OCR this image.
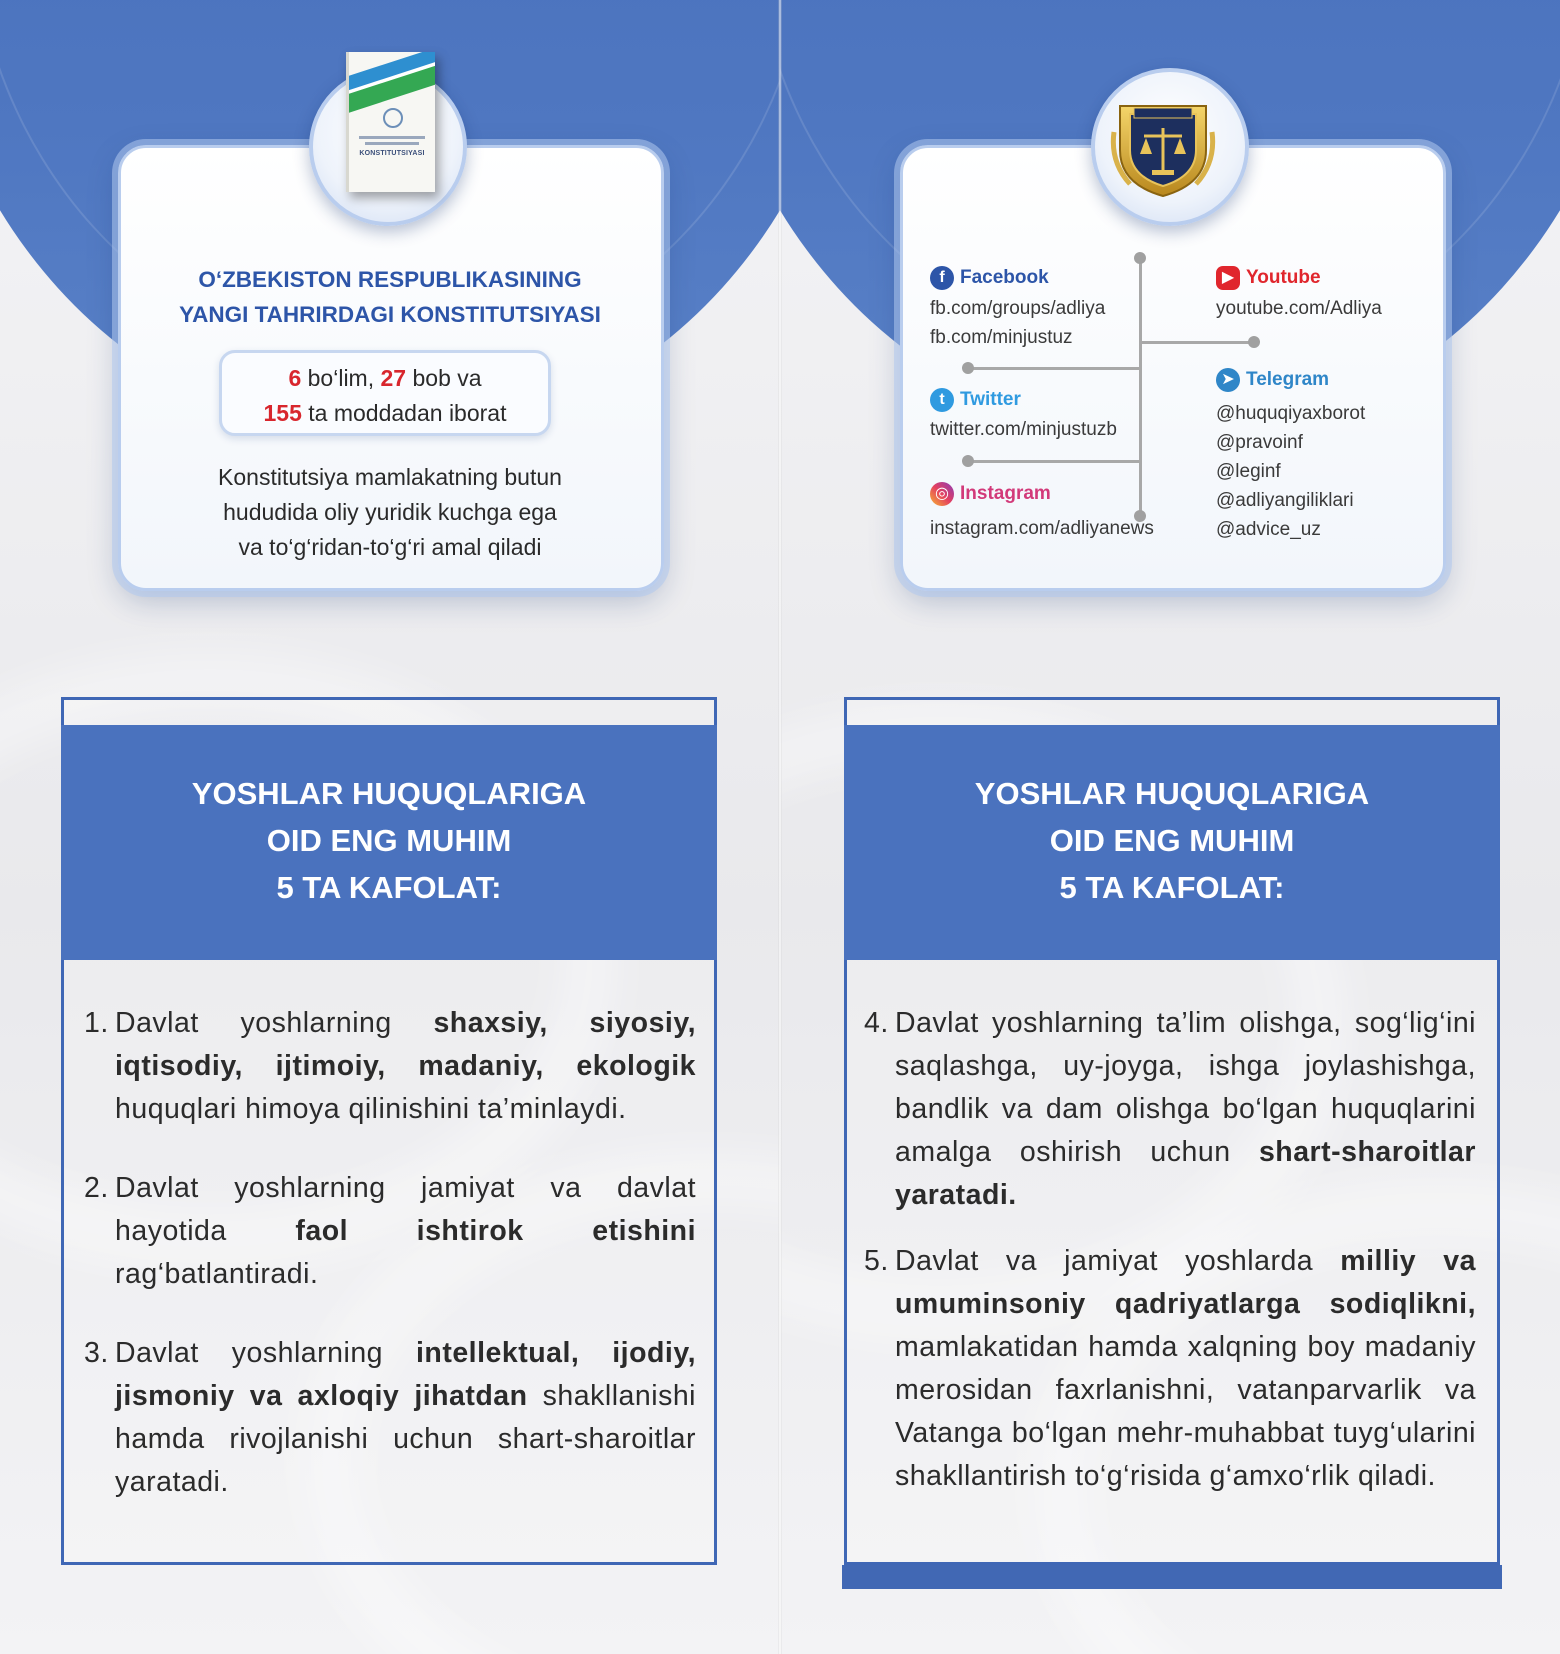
KONSTITUTSIYASI
O‘ZBEKISTON RESPUBLIKASINING
YANGI TAHRIRDAGI KONSTITUTSIYASI
6 bo‘lim, 27 bob va
155 ta moddadan iborat
Konstitutsiya mamlakatning butun
hududida oliy yuridik kuchga ega
va to‘g‘ridan-to‘g‘ri amal qiladi
YOSHLAR HUQUQLARIGA
OID ENG MUHIM
5 TA KAFOLAT:
1. Davlat yoshlarning shaxsiy, siyosiy, iqtisodiy, ijtimoiy, madaniy, ekologik huquqlari himoya qilinishini ta’minlaydi.
2. Davlat yoshlarning jamiyat va davlat hayotida faol ishtirok etishini rag‘batlantiradi.
3. Davlat yoshlarning intellektual, ijodiy, jismoniy va axloqiy jihatdan shakllanishi hamda rivojlanishi uchun shart-sharoitlar yaratadi.
f Facebook
fb.com/groups/adliya
fb.com/minjustuz
t Twitter
twitter.com/minjustuzb
◎ Instagram
instagram.com/adliyanews
▶ Youtube
youtube.com/Adliya
➤ Telegram
@huquqiyaxborot
@pravoinf
@leginf
@adliyangiliklari
@advice_uz
YOSHLAR HUQUQLARIGA
OID ENG MUHIM
5 TA KAFOLAT:
4. Davlat yoshlarning ta’lim olishga, sog‘lig‘ini saqlashga, uy-joyga, ishga joylashishga, bandlik va dam olishga bo‘lgan huquqlarini amalga oshirish uchun shart-sharoitlar yaratadi.
5. Davlat va jamiyat yoshlarda milliy va umuminsoniy qadriyatlarga sodiqlikni, mamlakatidan hamda xalqning boy madaniy merosidan faxrlanishni, vatanparvarlik va Vatanga bo‘lgan mehr-muhabbat tuyg‘ularini shakllantirish to‘g‘risida g‘amxo‘rlik qiladi.
